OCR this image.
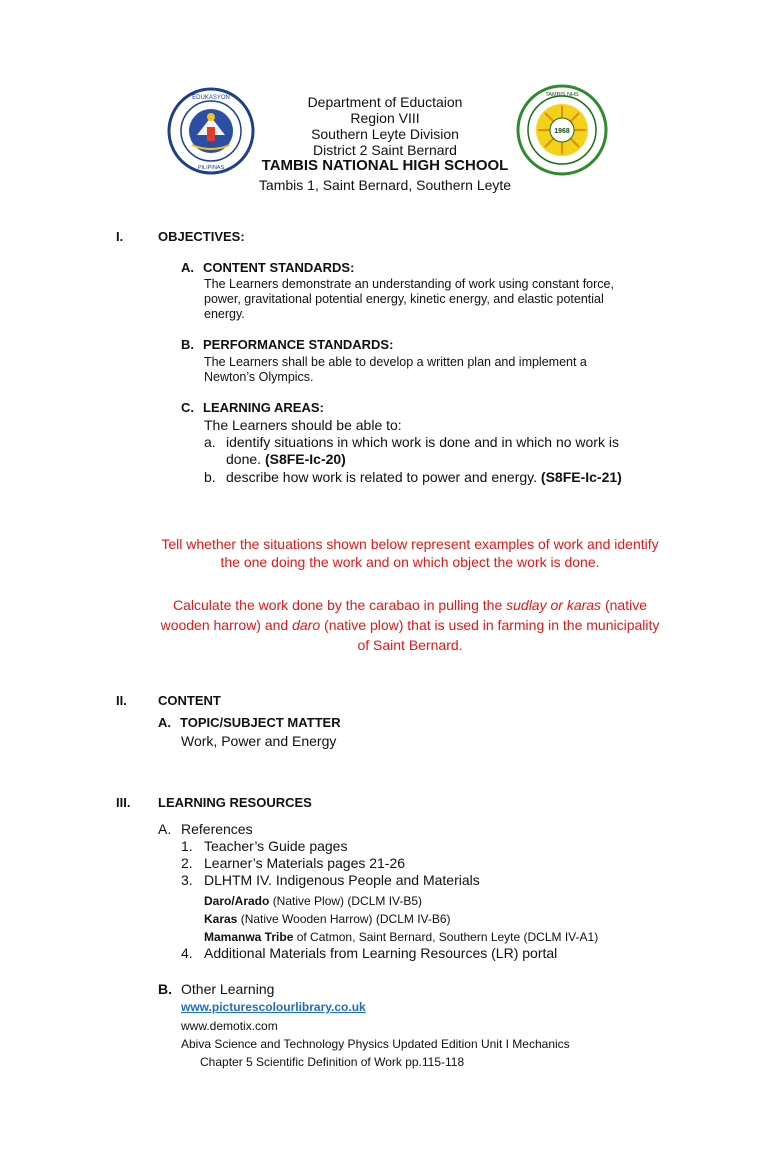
EDUKASYON
PILIPINAS
Department of Eductaion
Region VIII
Southern Leyte Division
District 2 Saint Bernard
TAMBIS NATIONAL HIGH SCHOOL
Tambis 1, Saint Bernard, Southern Leyte
1968
TAMBIS NHS
I.	OBJECTIVES:
A. CONTENT STANDARDS:
The Learners demonstrate an understanding of work using constant force,
power, gravitational potential energy, kinetic energy, and elastic potential
energy.
B. PERFORMANCE STANDARDS:
The Learners shall be able to develop a written plan and implement a
Newton’s Olympics.
C. LEARNING AREAS:
The Learners should be able to:
a. identify situations in which work is done and in which no work is
done. (S8FE-Ic-20)
b. describe how work is related to power and energy. (S8FE-Ic-21)
Tell whether the situations shown below represent examples of work and identify
the one doing the work and on which object the work is done.
Calculate the work done by the carabao in pulling the sudlay or karas (native
wooden harrow) and daro (native plow) that is used in farming in the municipality
of Saint Bernard.
II. CONTENT
A. TOPIC/SUBJECT MATTER
Work, Power and Energy
III. LEARNING RESOURCES
A. References
1. Teacher’s Guide pages
2. Learner’s Materials pages 21-26
3. DLHTM IV. Indigenous People and Materials
Daro/Arado (Native Plow) (DCLM IV-B5)
Karas (Native Wooden Harrow) (DCLM IV-B6)
Mamanwa Tribe of Catmon, Saint Bernard, Southern Leyte (DCLM IV-A1)
4. Additional Materials from Learning Resources (LR) portal
B. Other Learning
www.picturescolourlibrary.co.uk
www.demotix.com
Abiva Science and Technology Physics Updated Edition Unit I Mechanics
Chapter 5 Scientific Definition of Work pp.115-118
